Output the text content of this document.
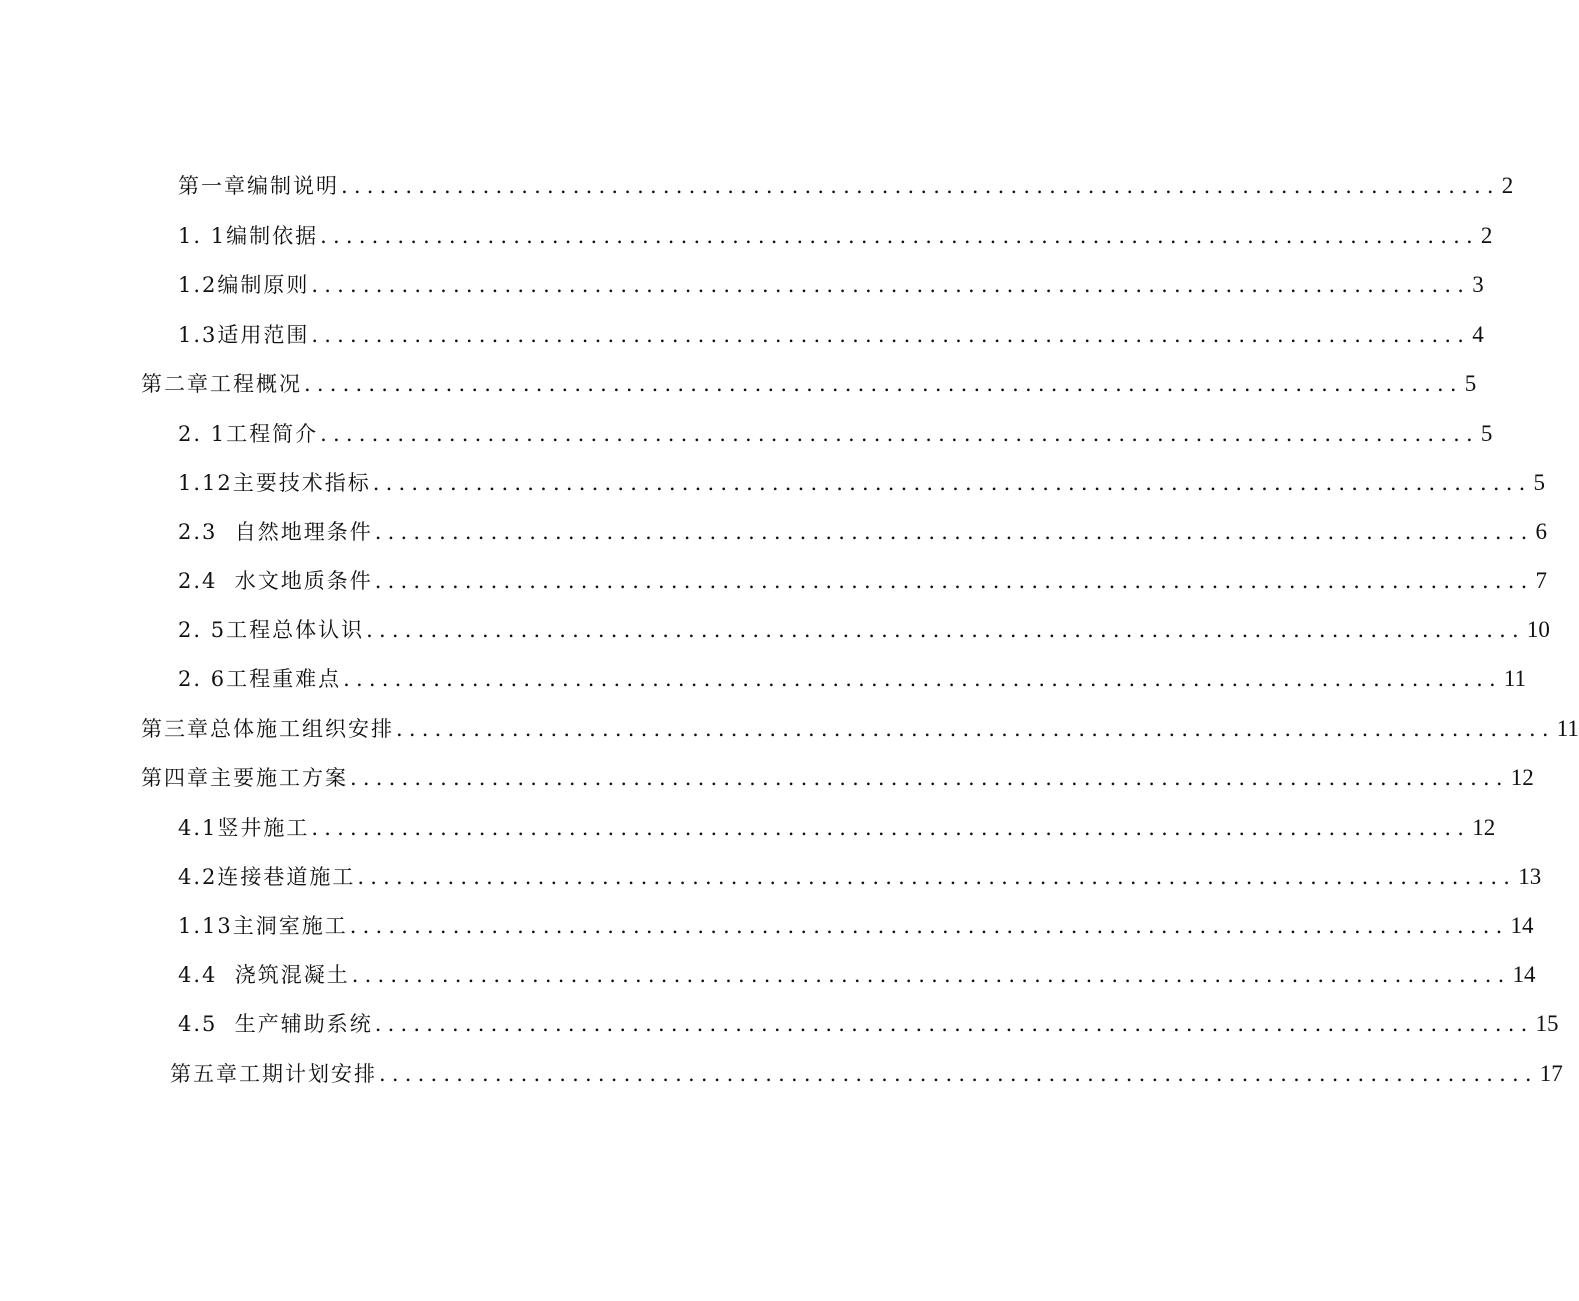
第一章编制说明 .......................................................................................... 2
1. 1编制依据 .......................................................................................... 2
1.2编制原则 .......................................................................................... 3
1.3适用范围 .......................................................................................... 4
第二章工程概况 .......................................................................................... 5
2. 1工程简介 .......................................................................................... 5
1.12主要技术指标 .......................................................................................... 5
2.3  自然地理条件 .......................................................................................... 6
2.4  水文地质条件 .......................................................................................... 7
2. 5工程总体认识 .......................................................................................... 10
2. 6工程重难点 .......................................................................................... 11
第三章总体施工组织安排 .......................................................................................... 11
第四章主要施工方案 .......................................................................................... 12
4.1竖井施工 .......................................................................................... 12
4.2连接巷道施工 .......................................................................................... 13
1.13主洞室施工 .......................................................................................... 14
4.4  浇筑混凝土 .......................................................................................... 14
4.5  生产辅助系统 .......................................................................................... 15
第五章工期计划安排 .......................................................................................... 17
